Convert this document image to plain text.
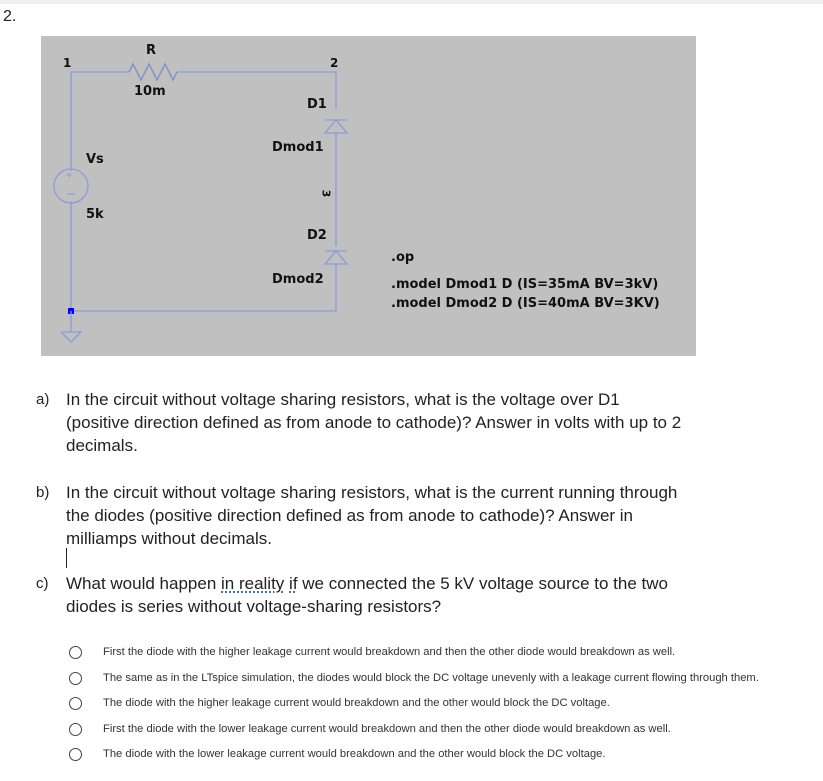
2.
+
1
R
10m
2
D1
Dmod1
3
D2
Dmod2
Vs
5k
.op
.model Dmod1 D (IS=35mA BV=3kV)
.model Dmod2 D (IS=40mA BV=3KV)
a) In the circuit without voltage sharing resistors, what is the voltage over D1
(positive direction defined as from anode to cathode)? Answer in volts with up to 2
decimals.
b) In the circuit without voltage sharing resistors, what is the current running through
the diodes (positive direction defined as from anode to cathode)? Answer in
milliamps without decimals.
c) What would happen in reality if we connected the 5 kV voltage source to the two
diodes is series without voltage-sharing resistors?
First the diode with the higher leakage current would breakdown and then the other diode would breakdown as well.
The same as in the LTspice simulation, the diodes would block the DC voltage unevenly with a leakage current flowing through them.
The diode with the higher leakage current would breakdown and the other would block the DC voltage.
First the diode with the lower leakage current would breakdown and then the other diode would breakdown as well.
The diode with the lower leakage current would breakdown and the other would block the DC voltage.
